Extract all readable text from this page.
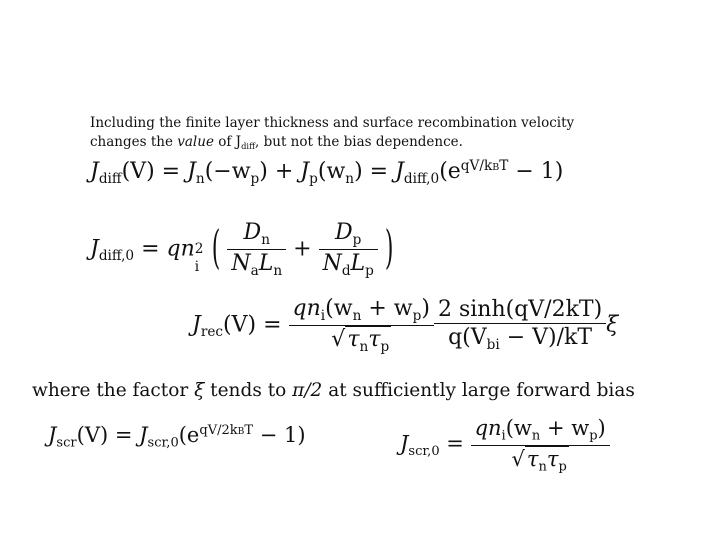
Including the finite layer thickness and surface recombination velocity
changes the value of $J_{diff}$, but not the bias dependence.
$J_{diff}(V) = J_n(-w_p) + J_p(w_n) = J_{diff,0}(e^{qV/kBT} - 1)$
$J_{diff,0}$ = qn 2
i ( $\frac{D_n}{N_aL_n} + \frac{D_p}{N_dL_p}$ )
$J_{rec}(V) = \frac{qn_i(w_n + w_p)}{√\tau_n\tau_p} \frac{2 \sinh(qV/2kT)}{q(V_{bi} - V)/kT}$ ξ
where the factor ξ tends to π/2 at sufficiently large forward bias
$J_{scr}(V) = J_{scr,0}(e^{qV/2kBT} - 1)$	$J_{scr,0} = \frac{qn_i(w_n + w_p)}{√\tau_n\tau_p}$
